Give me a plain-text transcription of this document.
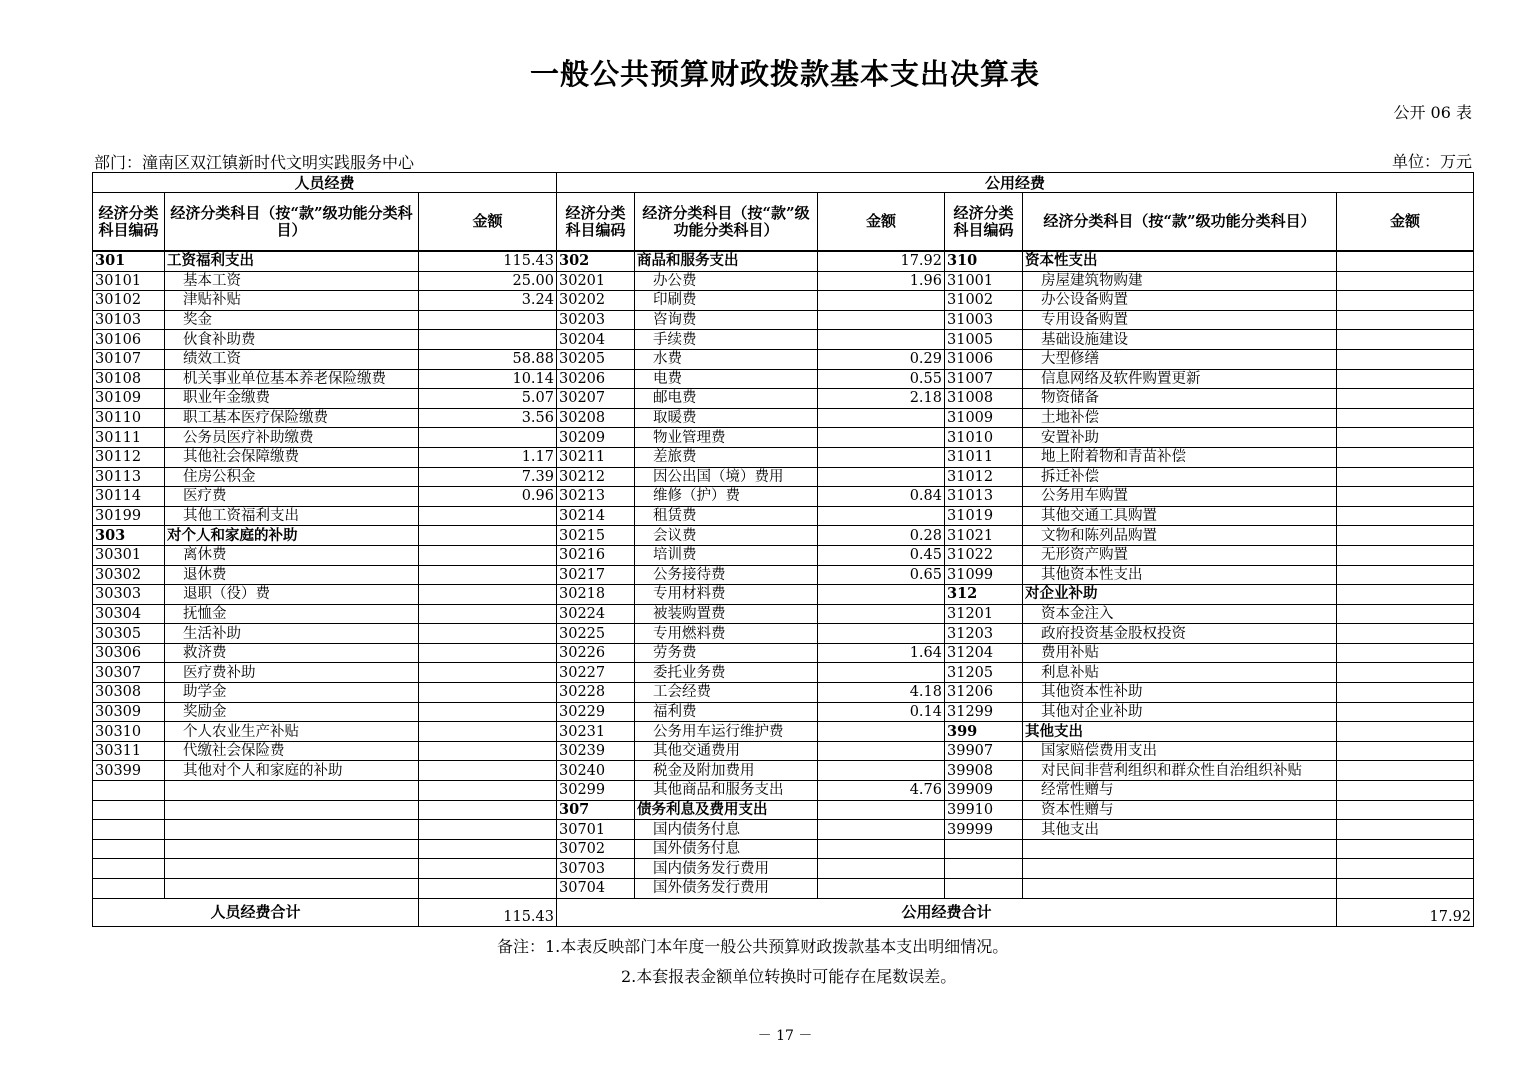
一般公共预算财政拨款基本支出决算表
公开 06 表
部门：潼南区双江镇新时代文明实践服务中心	单位：万元
人员经费			公用经费					
经济分类科目编码	经济分类科目（按“款”级功能分类科目）	金额	经济分类科目编码	经济分类科目（按“款”级功能分类科目）	金额	经济分类科目编码	经济分类科目（按“款”级功能分类科目）	金额
301	工资福利支出	115.43	302	商品和服务支出	17.92	310	资本性支出	
30101	基本工资	25.00	30201	办公费	1.96	31001	房屋建筑物购建	
30102	津贴补贴	3.24	30202	印刷费		31002	办公设备购置	
30103	奖金		30203	咨询费		31003	专用设备购置	
30106	伙食补助费		30204	手续费		31005	基础设施建设	
30107	绩效工资	58.88	30205	水费	0.29	31006	大型修缮	
30108	机关事业单位基本养老保险缴费	10.14	30206	电费	0.55	31007	信息网络及软件购置更新	
30109	职业年金缴费	5.07	30207	邮电费	2.18	31008	物资储备	
30110	职工基本医疗保险缴费	3.56	30208	取暖费		31009	土地补偿	
30111	公务员医疗补助缴费		30209	物业管理费		31010	安置补助	
30112	其他社会保障缴费	1.17	30211	差旅费		31011	地上附着物和青苗补偿	
30113	住房公积金	7.39	30212	因公出国（境）费用		31012	拆迁补偿	
30114	医疗费	0.96	30213	维修（护）费	0.84	31013	公务用车购置	
30199	其他工资福利支出		30214	租赁费		31019	其他交通工具购置	
303	对个人和家庭的补助		30215	会议费	0.28	31021	文物和陈列品购置	
30301	离休费		30216	培训费	0.45	31022	无形资产购置	
30302	退休费		30217	公务接待费	0.65	31099	其他资本性支出	
30303	退职（役）费		30218	专用材料费		312	对企业补助	
30304	抚恤金		30224	被装购置费		31201	资本金注入	
30305	生活补助		30225	专用燃料费		31203	政府投资基金股权投资	
30306	救济费		30226	劳务费	1.64	31204	费用补贴	
30307	医疗费补助		30227	委托业务费		31205	利息补贴	
30308	助学金		30228	工会经费	4.18	31206	其他资本性补助	
30309	奖励金		30229	福利费	0.14	31299	其他对企业补助	
30310	个人农业生产补贴		30231	公务用车运行维护费		399	其他支出	
30311	代缴社会保险费		30239	其他交通费用		39907	国家赔偿费用支出	
30399	其他对个人和家庭的补助		30240	税金及附加费用		39908	对民间非营利组织和群众性自治组织补贴	
			30299	其他商品和服务支出	4.76	39909	经常性赠与	
			307	债务利息及费用支出		39910	资本性赠与	
			30701	国内债务付息		39999	其他支出	
			30702	国外债务付息				
			30703	国内债务发行费用				
			30704	国外债务发行费用				
人员经费合计		115.43	公用经费合计					17.92
备注：1.本表反映部门本年度一般公共预算财政拨款基本支出明细情况。
2.本套报表金额单位转换时可能存在尾数误差。
－ 17 －
